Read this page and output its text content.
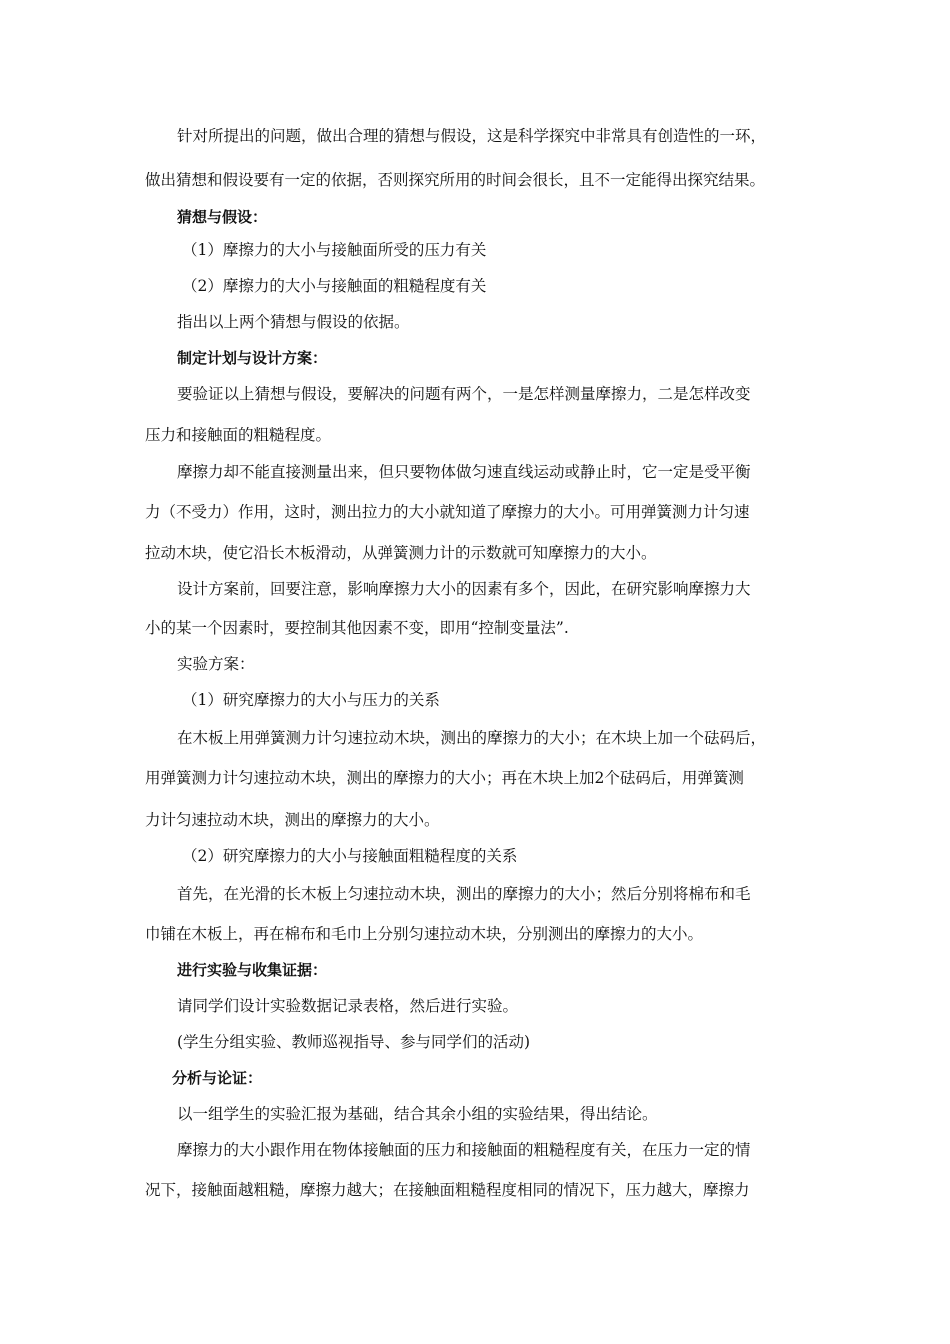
针对所提出的问题，做出合理的猜想与假设，这是科学探究中非常具有创造性的一环，
做出猜想和假设要有一定的依据，否则探究所用的时间会很长，且不一定能得出探究结果。
猜想与假设：
（1）摩擦力的大小与接触面所受的压力有关
（2）摩擦力的大小与接触面的粗糙程度有关
指出以上两个猜想与假设的依据。
制定计划与设计方案：
要验证以上猜想与假设，要解决的问题有两个，一是怎样测量摩擦力，二是怎样改变
压力和接触面的粗糙程度。
摩擦力却不能直接测量出来，但只要物体做匀速直线运动或静止时，它一定是受平衡
力（不受力）作用，这时，测出拉力的大小就知道了摩擦力的大小。可用弹簧测力计匀速
拉动木块，使它沿长木板滑动，从弹簧测力计的示数就可知摩擦力的大小。
设计方案前，回要注意，影响摩擦力大小的因素有多个，因此，在研究影响摩擦力大
小的某一个因素时，要控制其他因素不变，即用“控制变量法”.
实验方案：
（1）研究摩擦力的大小与压力的关系
在木板上用弹簧测力计匀速拉动木块，测出的摩擦力的大小；在木块上加一个砝码后，
用弹簧测力计匀速拉动木块，测出的摩擦力的大小；再在木块上加2个砝码后，用弹簧测
力计匀速拉动木块，测出的摩擦力的大小。
（2）研究摩擦力的大小与接触面粗糙程度的关系
首先，在光滑的长木板上匀速拉动木块，测出的摩擦力的大小；然后分别将棉布和毛
巾铺在木板上，再在棉布和毛巾上分别匀速拉动木块，分别测出的摩擦力的大小。
进行实验与收集证据：
请同学们设计实验数据记录表格，然后进行实验。
(学生分组实验、教师巡视指导、参与同学们的活动)
分析与论证：
以一组学生的实验汇报为基础，结合其余小组的实验结果，得出结论。
摩擦力的大小跟作用在物体接触面的压力和接触面的粗糙程度有关，在压力一定的情
况下，接触面越粗糙，摩擦力越大；在接触面粗糙程度相同的情况下，压力越大，摩擦力
